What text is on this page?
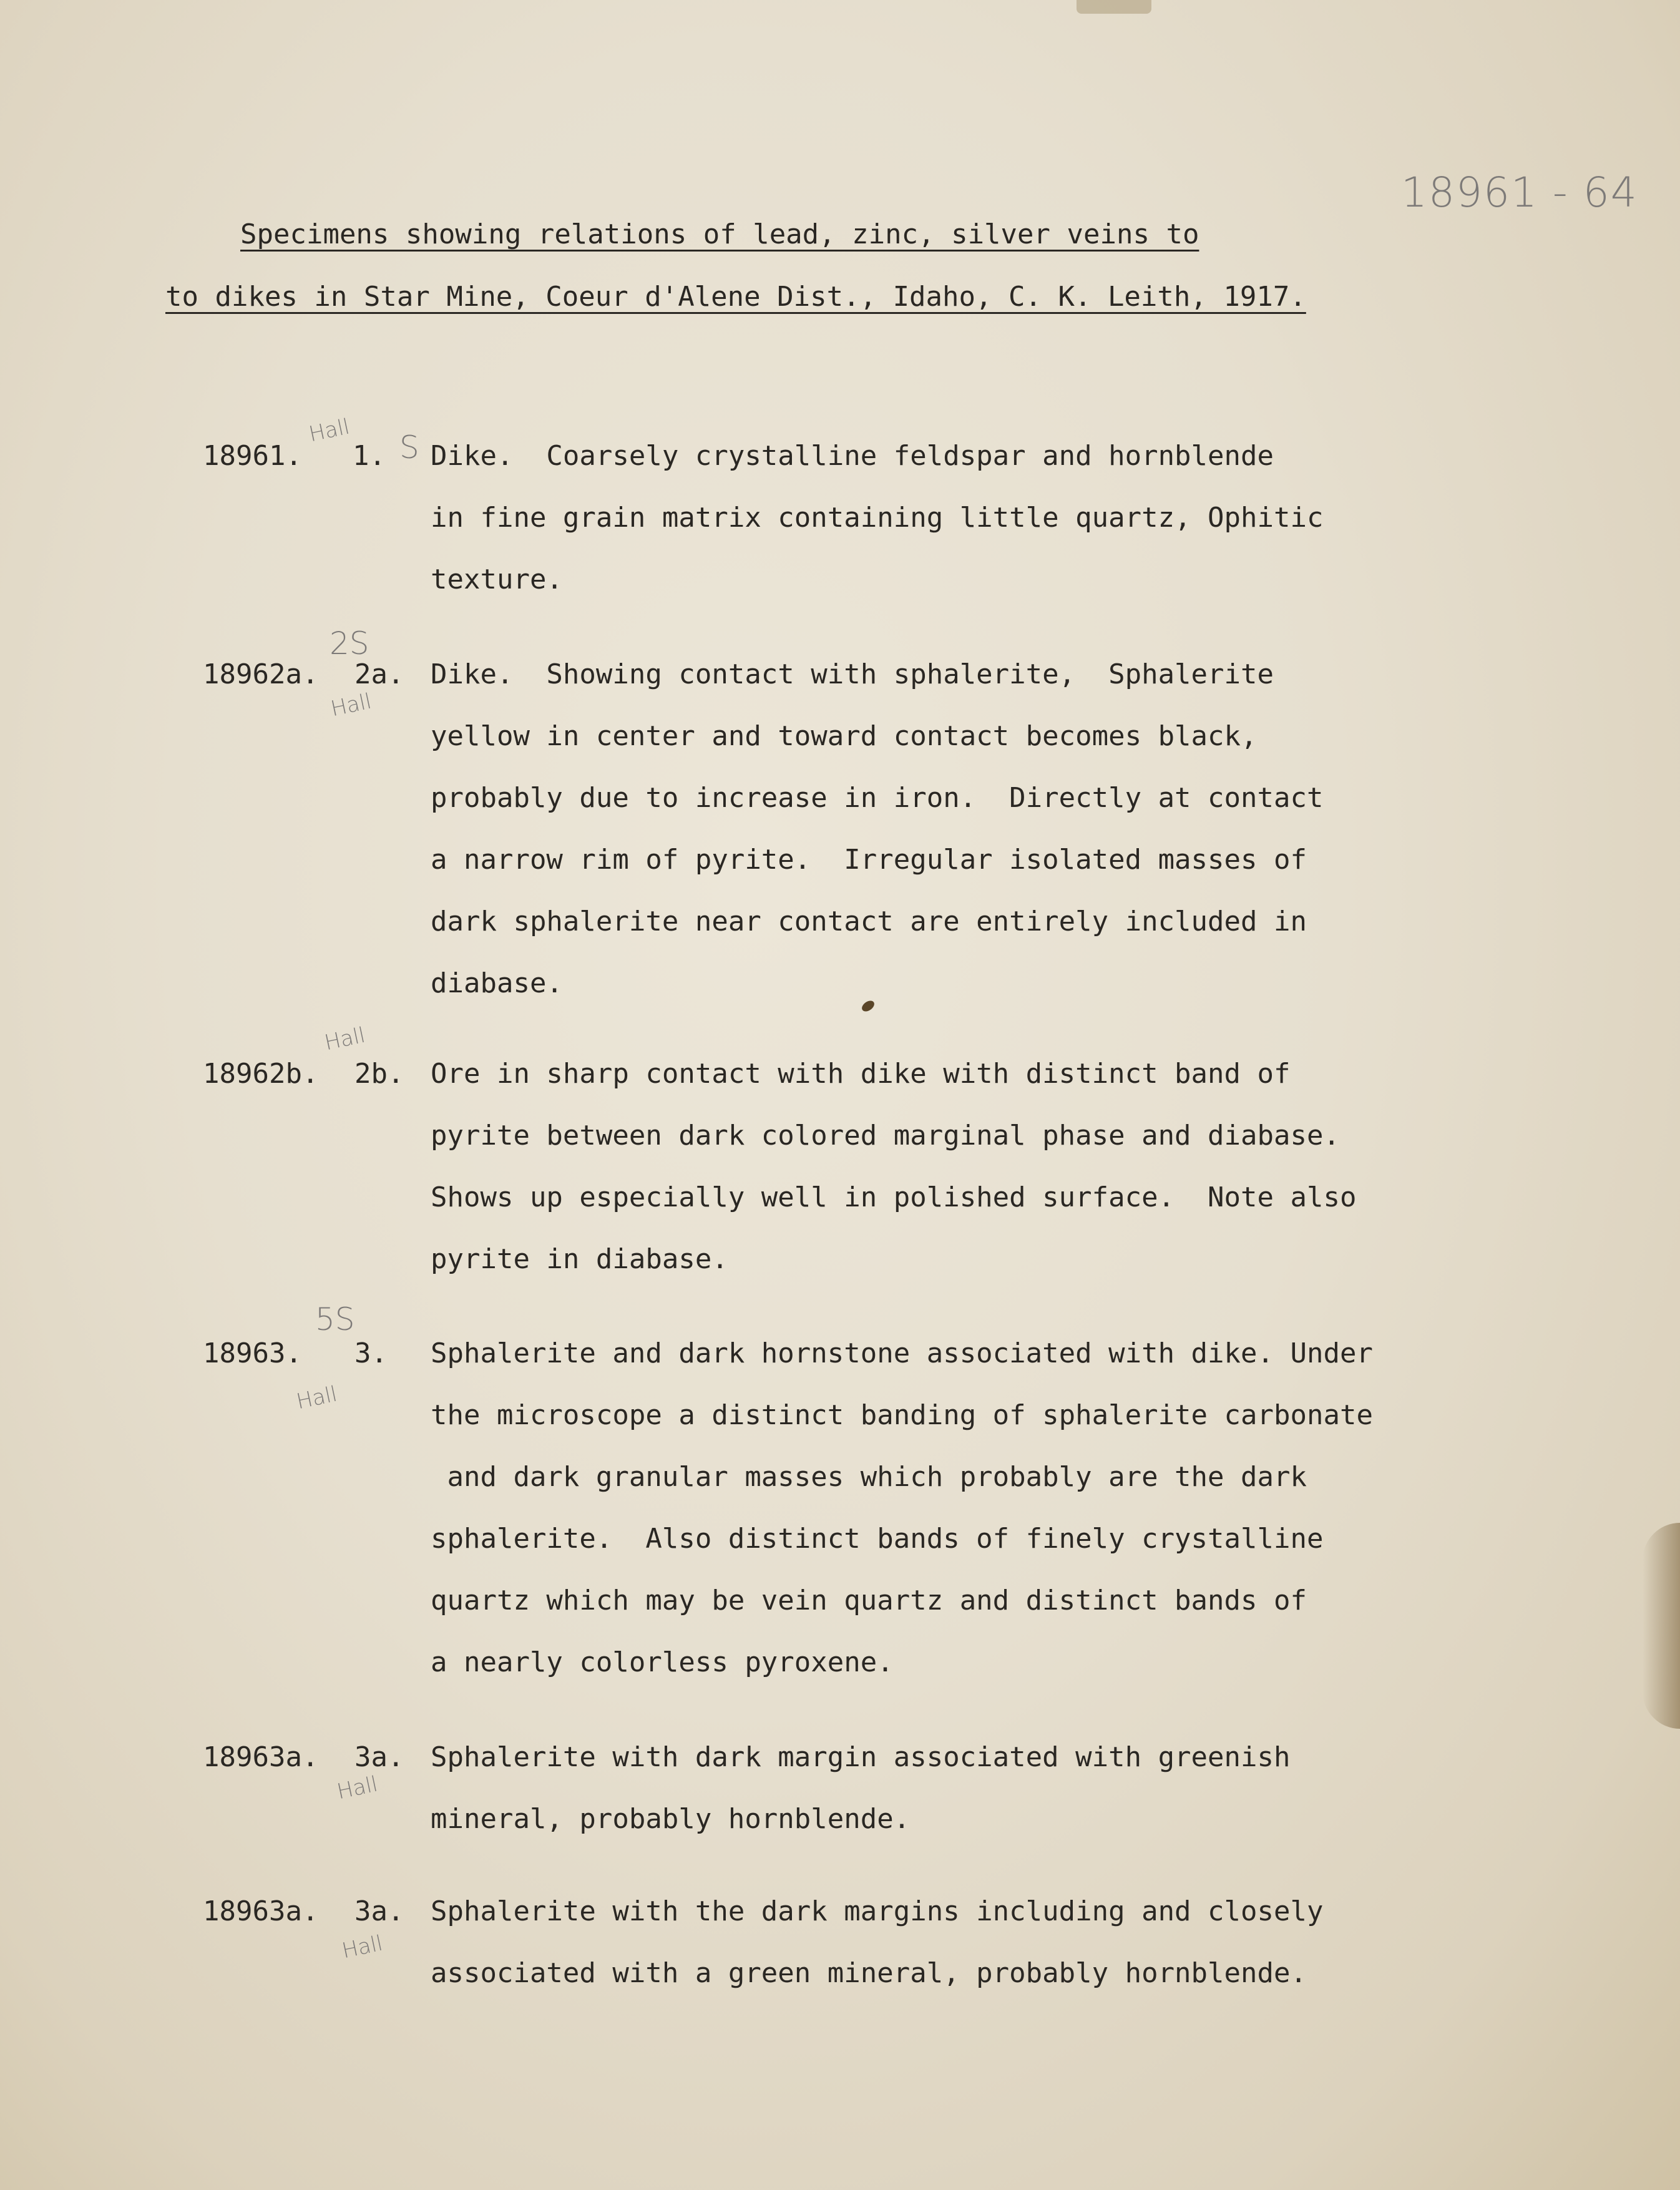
18961 - 64
Specimens showing relations of lead, zinc, silver veins to
to dikes in Star Mine, Coeur d'Alene Dist., Idaho, C. K. Leith, 1917.
18961. 1.
Hall S Dike.  Coarsely crystalline feldspar and hornblende
in fine grain matrix containing little quartz, Ophitic
texture.
2S
18962a. 2a.
Hall
Dike.  Showing contact with sphalerite,  Sphalerite
yellow in center and toward contact becomes black,
probably due to increase in iron.  Directly at contact
a narrow rim of pyrite.  Irregular isolated masses of
dark sphalerite near contact are entirely included in
diabase.
Hall
18962b. 2b. Ore in sharp contact with dike with distinct band of
pyrite between dark colored marginal phase and diabase.
Shows up especially well in polished surface.  Note also
pyrite in diabase.
5S
18963. 3.
Hall
Sphalerite and dark hornstone associated with dike. Under
the microscope a distinct banding of sphalerite carbonate
and dark granular masses which probably are the dark
sphalerite.  Also distinct bands of finely crystalline
quartz which may be vein quartz and distinct bands of
a nearly colorless pyroxene.
18963a. 3a.
Hall
Sphalerite with dark margin associated with greenish
mineral, probably hornblende.
18963a. 3a.
Hall
Sphalerite with the dark margins including and closely
associated with a green mineral, probably hornblende.
